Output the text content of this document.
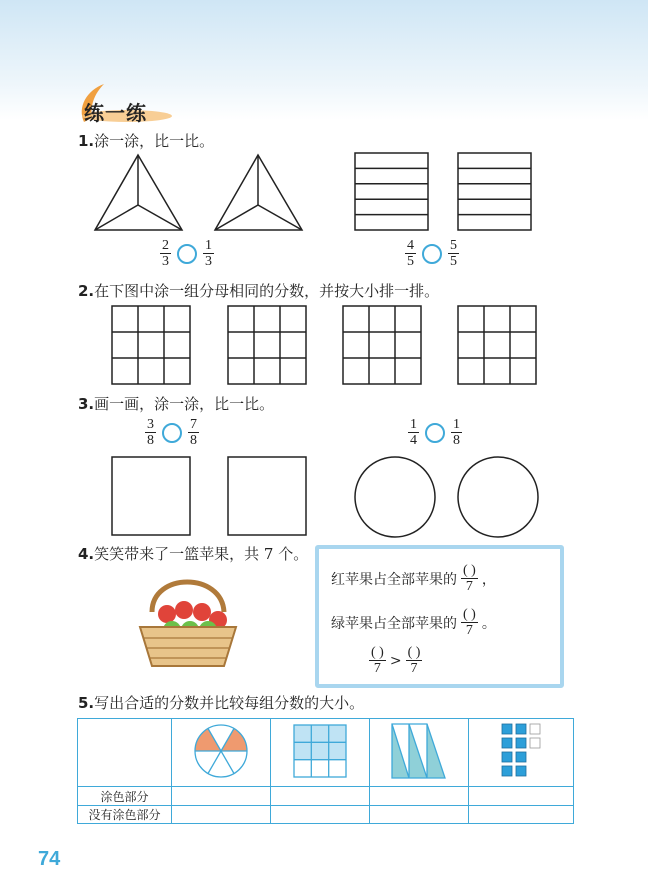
练一练
1.涂一涂，比一比。
$\frac{2}{3} \frac{1}{3}$	$\frac{4}{5} \frac{5}{5}$
2.在下图中涂一组分母相同的分数，并按大小排一排。
3.画一画，涂一涂，比一比。
$\frac{3}{8} \frac{7}{8}$	$\frac{1}{4} \frac{1}{8}$
4.笑笑带来了一篮苹果，共 7 个。
红苹果占全部苹果的 $\frac{( )}{7}$ ，
绿苹果占全部苹果的 $\frac{( )}{7}$ 。
$\frac{( )}{7} > \frac{( )}{7}$
5.写出合适的分数并比较每组分数的大小。

涂色部分				
没有涂色部分				
74
